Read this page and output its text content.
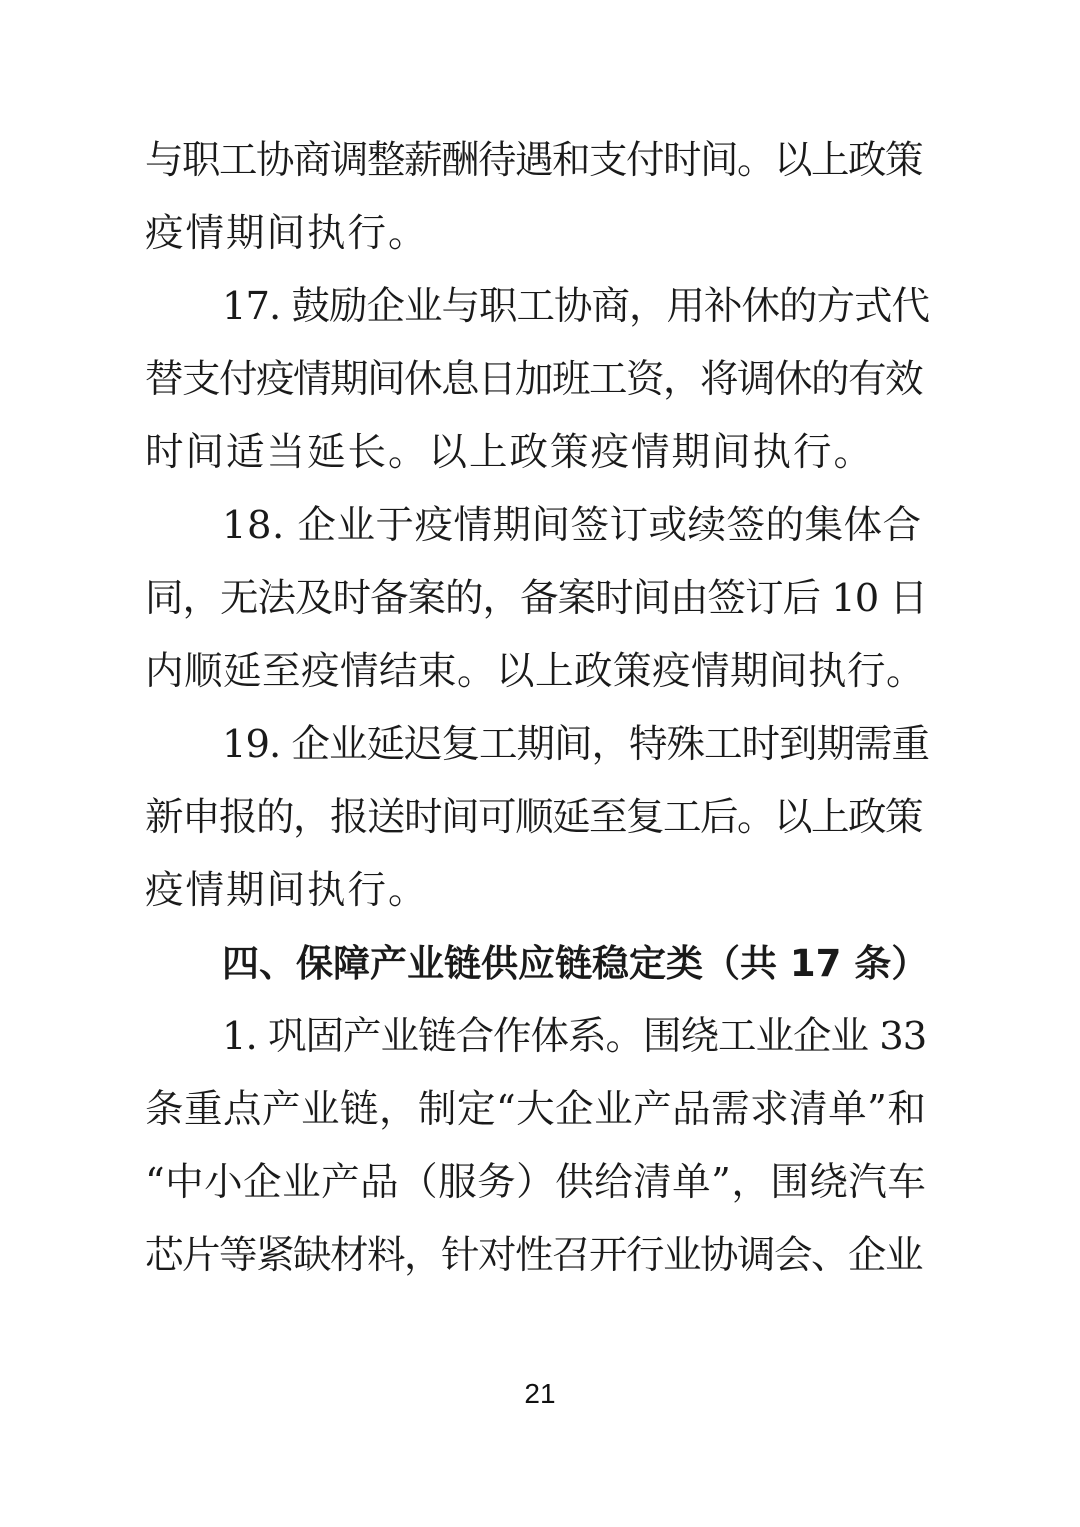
与职工协商调整薪酬待遇和支付时间。以上政策
疫情期间执行。
17. 鼓励企业与职工协商，用补休的方式代
替支付疫情期间休息日加班工资，将调休的有效
时间适当延长。以上政策疫情期间执行。
18. 企业于疫情期间签订或续签的集体合
同，无法及时备案的，备案时间由签订后 10 日
内顺延至疫情结束。以上政策疫情期间执行。
19. 企业延迟复工期间，特殊工时到期需重
新申报的，报送时间可顺延至复工后。以上政策
疫情期间执行。
四、保障产业链供应链稳定类（共 17 条）
1. 巩固产业链合作体系。围绕工业企业 33
条重点产业链，制定“大企业产品需求清单”和
“中小企业产品（服务）供给清单”，围绕汽车
芯片等紧缺材料，针对性召开行业协调会、企业
21
